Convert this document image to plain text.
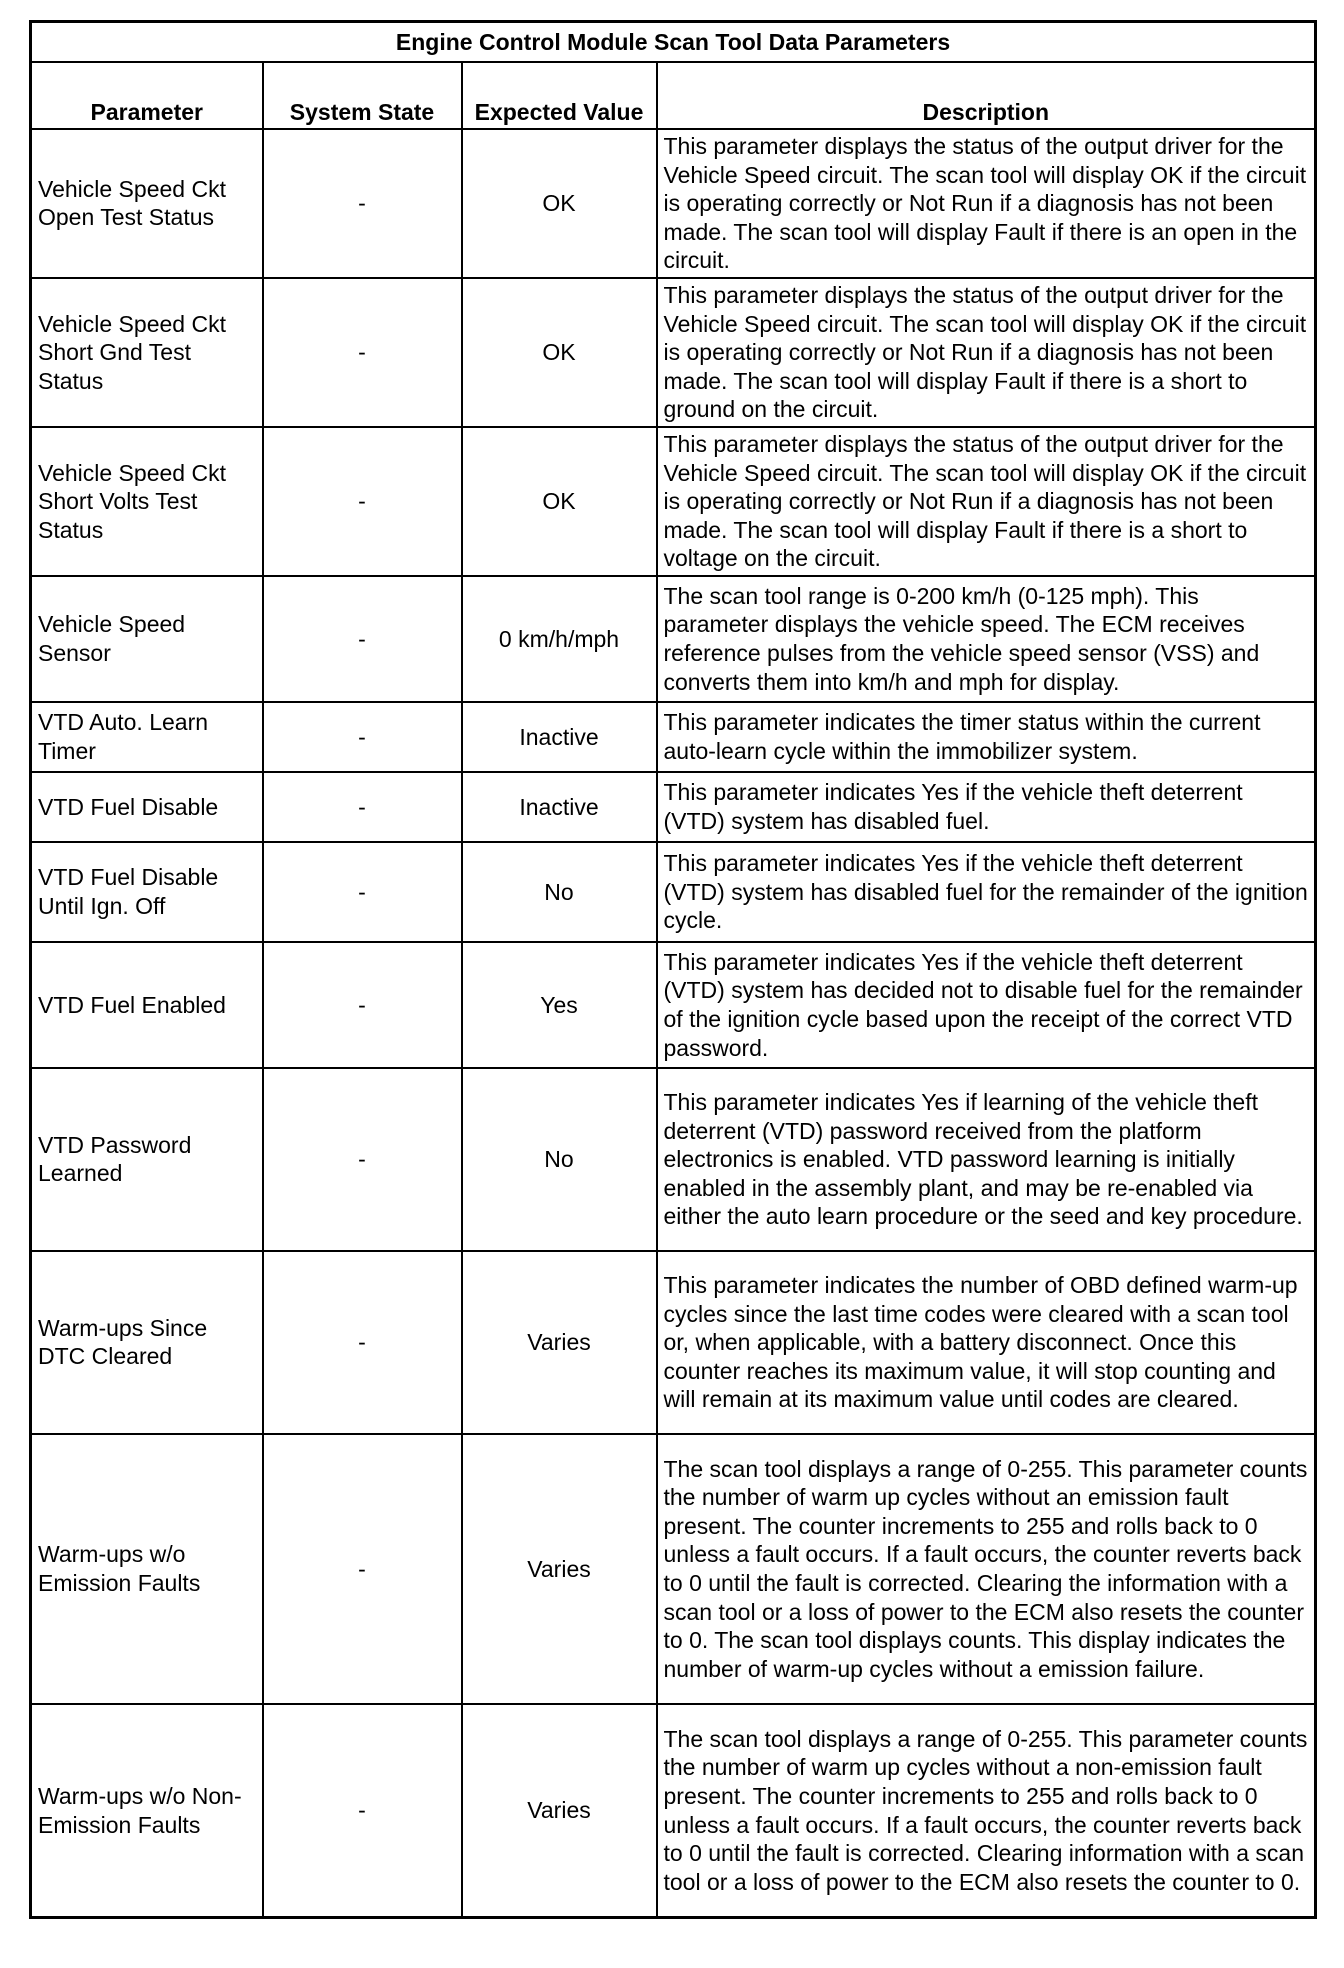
Engine Control Module Scan Tool Data Parameters			
Parameter	System State	Expected Value	Description
Vehicle Speed Ckt Open Test Status	-	OK	This parameter displays the status of the output driver for the Vehicle Speed circuit. The scan tool will display OK if the circuit is operating correctly or Not Run if a diagnosis has not been made. The scan tool will display Fault if there is an open in the circuit.
Vehicle Speed Ckt Short Gnd Test Status	-	OK	This parameter displays the status of the output driver for the Vehicle Speed circuit. The scan tool will display OK if the circuit is operating correctly or Not Run if a diagnosis has not been made. The scan tool will display Fault if there is a short to ground on the circuit.
Vehicle Speed Ckt Short Volts Test Status	-	OK	This parameter displays the status of the output driver for the Vehicle Speed circuit. The scan tool will display OK if the circuit is operating correctly or Not Run if a diagnosis has not been made. The scan tool will display Fault if there is a short to voltage on the circuit.
Vehicle Speed Sensor	-	0 km/h/mph	The scan tool range is 0-200 km/h (0-125 mph). This parameter displays the vehicle speed. The ECM receives reference pulses from the vehicle speed sensor (VSS) and converts them into km/h and mph for display.
VTD Auto. Learn Timer	-	Inactive	This parameter indicates the timer status within the current auto-learn cycle within the immobilizer system.
VTD Fuel Disable	-	Inactive	This parameter indicates Yes if the vehicle theft deterrent (VTD) system has disabled fuel.
VTD Fuel Disable Until Ign. Off	-	No	This parameter indicates Yes if the vehicle theft deterrent (VTD) system has disabled fuel for the remainder of the ignition cycle.
VTD Fuel Enabled	-	Yes	This parameter indicates Yes if the vehicle theft deterrent (VTD) system has decided not to disable fuel for the remainder of the ignition cycle based upon the receipt of the correct VTD password.
VTD Password Learned	-	No	This parameter indicates Yes if learning of the vehicle theft deterrent (VTD) password received from the platform electronics is enabled. VTD password learning is initially enabled in the assembly plant, and may be re-enabled via either the auto learn procedure or the seed and key procedure.
Warm-ups Since DTC Cleared	-	Varies	This parameter indicates the number of OBD defined warm-up cycles since the last time codes were cleared with a scan tool or, when applicable, with a battery disconnect. Once this counter reaches its maximum value, it will stop counting and will remain at its maximum value until codes are cleared.
Warm-ups w/o Emission Faults	-	Varies	The scan tool displays a range of 0-255. This parameter counts the number of warm up cycles without an emission fault present. The counter increments to 255 and rolls back to 0 unless a fault occurs. If a fault occurs, the counter reverts back to 0 until the fault is corrected. Clearing the information with a scan tool or a loss of power to the ECM also resets the counter to 0. The scan tool displays counts. This display indicates the number of warm-up cycles without a emission failure.
Warm-ups w/o Non-Emission Faults	-	Varies	The scan tool displays a range of 0-255. This parameter counts the number of warm up cycles without a non-emission fault present. The counter increments to 255 and rolls back to 0 unless a fault occurs. If a fault occurs, the counter reverts back to 0 until the fault is corrected. Clearing information with a scan tool or a loss of power to the ECM also resets the counter to 0.
